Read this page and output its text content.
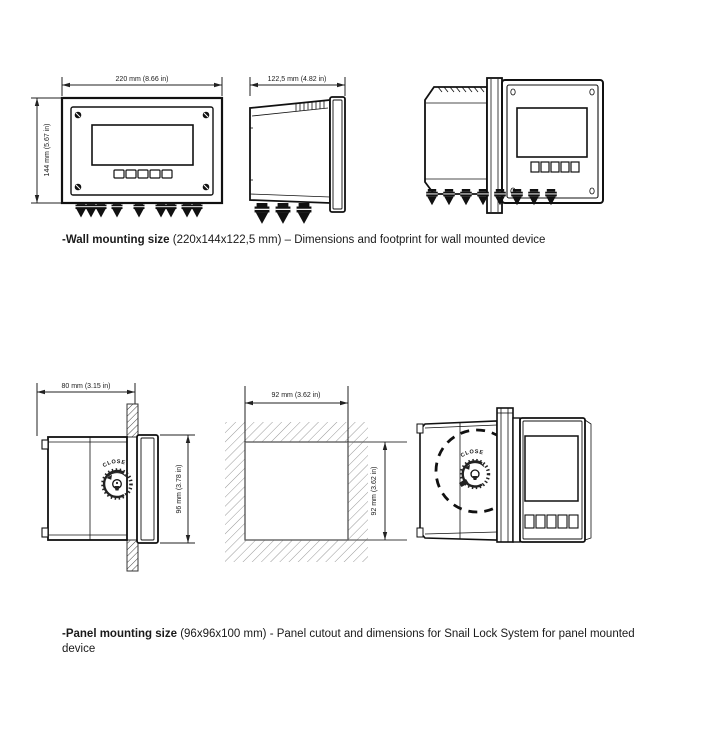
220 mm (8.66 in)
144 mm (5.67 in)
122,5 mm (4.82 in)
-Wall mounting size (220x144x122,5 mm) – Dimensions and footprint for wall mounted device
80 mm (3.15 in)
CLOSE
96 mm (3.78 in)
92 mm (3.62 in)
92 mm (3.62 in)
CLOSE
-Panel mounting size (96x96x100 mm) - Panel cutout and dimensions for Snail Lock System for panel mounted device
